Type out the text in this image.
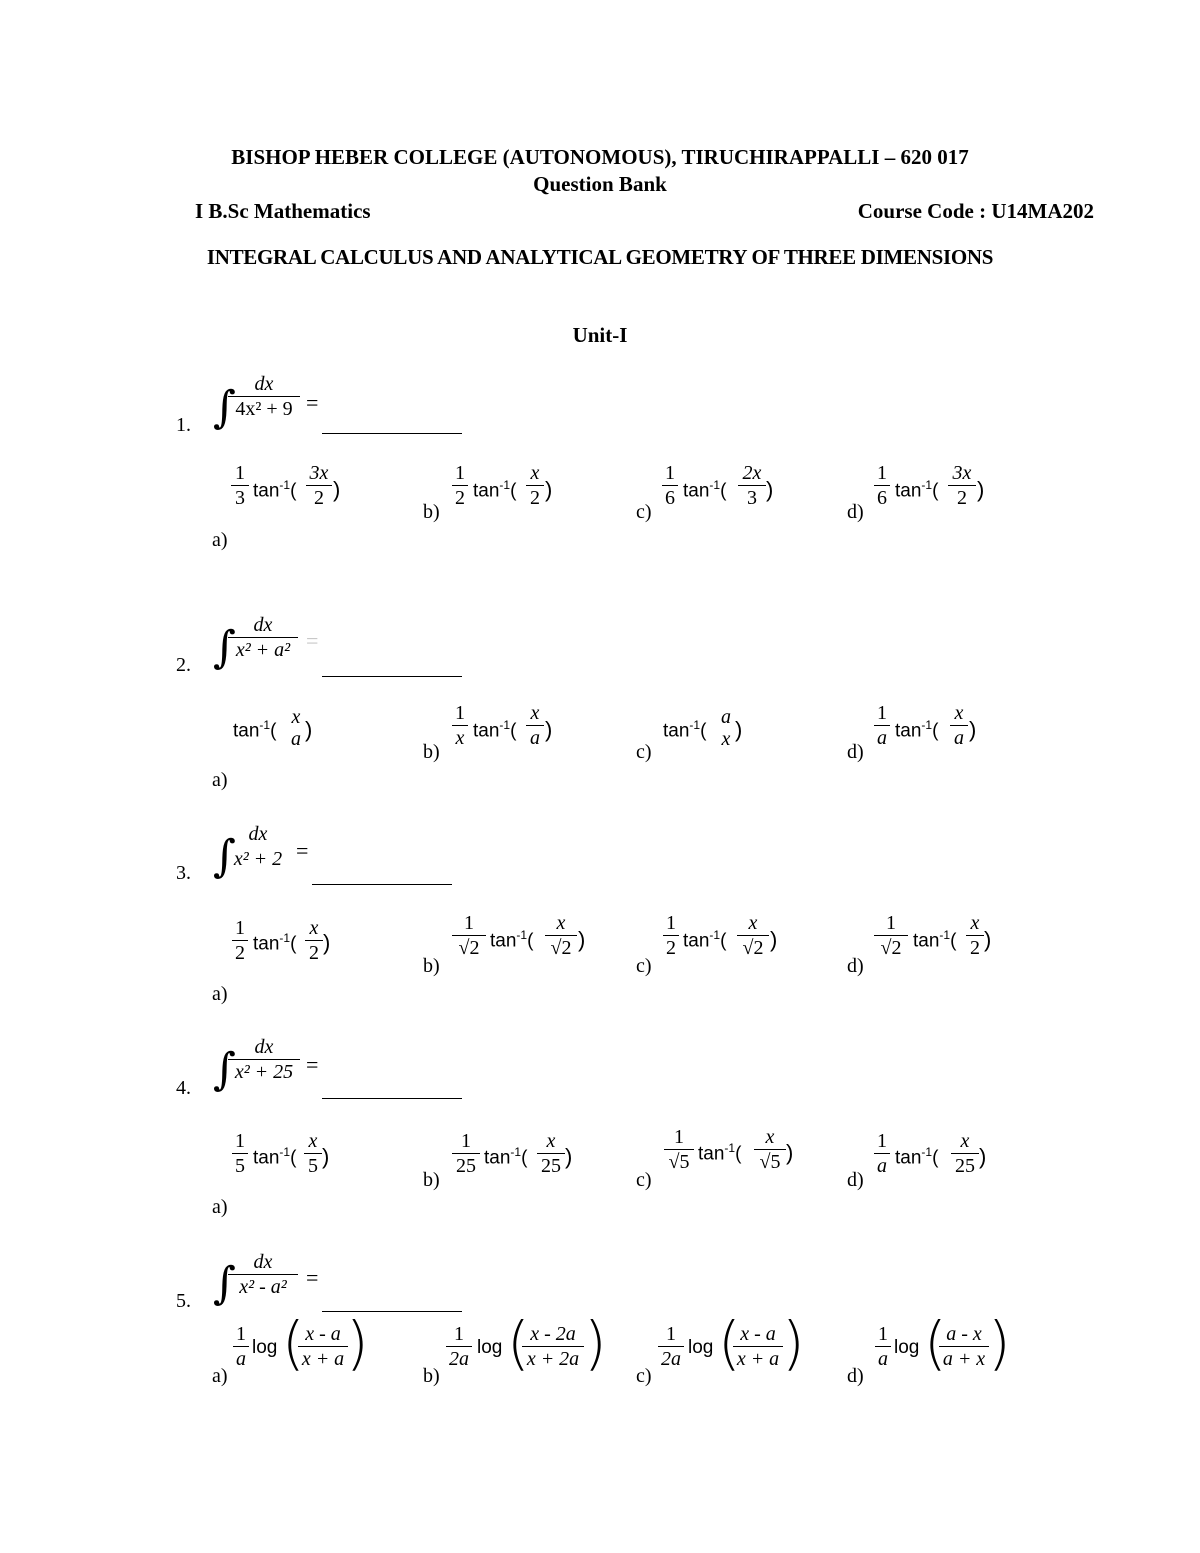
BISHOP HEBER COLLEGE (AUTONOMOUS), TIRUCHIRAPPALLI – 620 017
Question Bank
I B.Sc Mathematics	Course Code : U14MA202
INTEGRAL CALCULUS AND ANALYTICAL GEOMETRY OF THREE DIMENSIONS
Unit-I
1. ∫ dx
4x² + 9 =
a)
1
3 $\tan^{-1}$(
3x
2 )
b)
1
2 $\tan^{-1}$(
x
2 )
c)
1
6 $\tan^{-1}$(
2x
3 )
d)
1
6 $\tan^{-1}$(
3x
2 )
2. ∫ dx
x² + a² =
a)
$\tan^{-1}$(
x
a )
b)
1
x $\tan^{-1}$(
x
a )
c)
$\tan^{-1}$(
a
x )
d)
1
a $\tan^{-1}$(
x
a )
3. ∫ dx
x² + 2 =
a)
1
2 $\tan^{-1}$(
x
2 )
b)
1
√2 $\tan^{-1}$(
x
√2 )
c)
1
2 $\tan^{-1}$(
x
√2 )
d)
1
√2 $\tan^{-1}$(
x
2 )
4. ∫ dx
x² + 25 =
a)
1
5 $\tan^{-1}$(
x
5 )
b)
1
25 $\tan^{-1}$(
x
25 )
c)
1
√5 $\tan^{-1}$(
x
√5 )
d)
1
a $\tan^{-1}$(
x
25 )
5. ∫ dx
x² - a² =
a)
1
a
log ( x - a
x + a )	b)
1
2a
log ( x - 2a
x + 2a ) c)
1
2a
log ( x - a
x + a ) d)
1
a
log ( a - x
a + x )
